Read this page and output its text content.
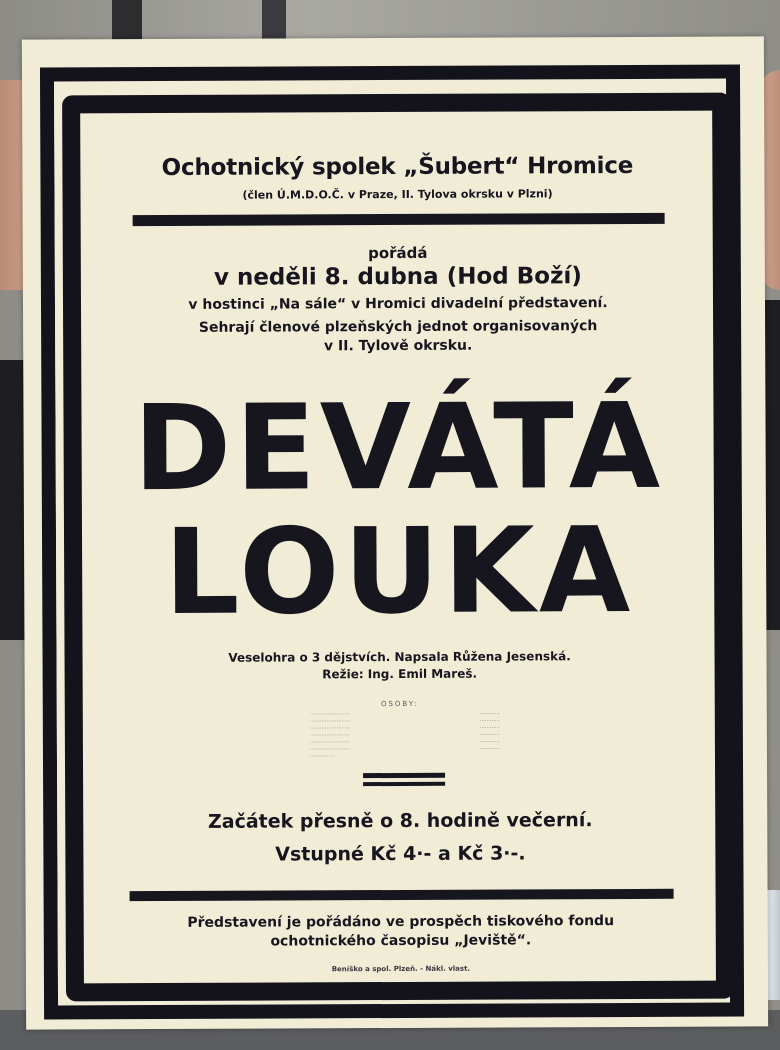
Ochotnický spolek „Šubert“ Hromice
(člen Ú.M.D.O.Č. v Praze, II. Tylova okrsku v Plzni)
pořádá
v neděli 8. dubna (Hod Boží)
v hostinci „Na sále“ v Hromici divadelní představení.
Sehrají členové plzeňských jednot organisovaných
v II. Tylově okrsku.
DEVÁTÁ
LOUKA
Veselohra o 3 dějstvích. Napsala Růžena Jesenská.
Režie: Ing. Emil Mareš.
OSOBY:
……………………	…………
……………………	…………
……………………	…………
……………………	…………
……………………	…………
……………………	…………
……………
Začátek přesně o 8. hodině večerní.
Vstupné Kč 4·- a Kč 3·-.
Představení je pořádáno ve prospěch tiskového fondu
ochotnického časopisu „Jeviště“.
Beníško a spol. Plzeň. - Nákl. vlast.
